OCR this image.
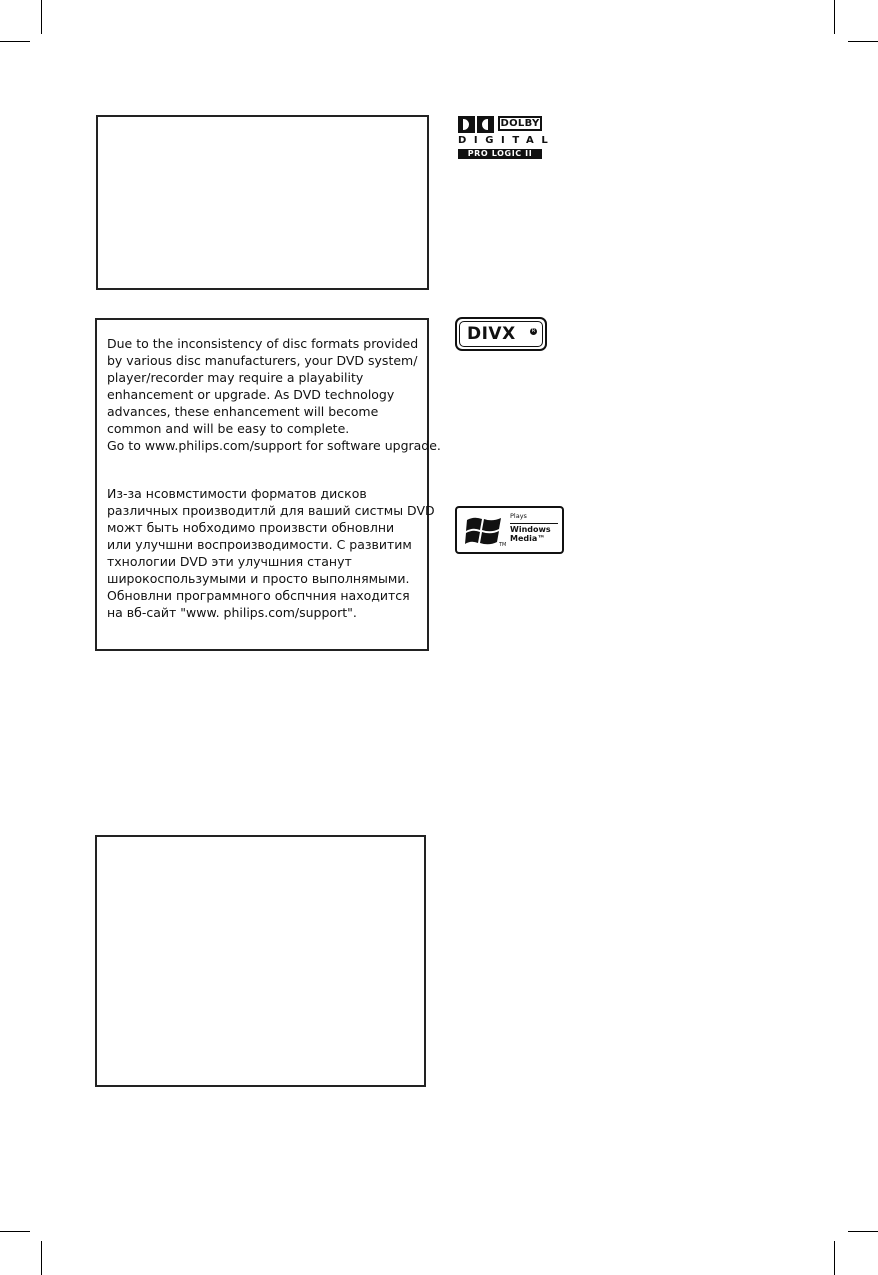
Due to the inconsistency of disc formats provided
by various disc manufacturers, your DVD system/
player/recorder may require a playability
enhancement or upgrade. As DVD technology
advances, these enhancement will become
common and will be easy to complete.
Go to www.philips.com/support for software upgrade.
Из-за нсовмстимости форматов дисков
различных производитлй для ваший систмы DVD
можт быть нобходимо произвсти обновлни
или улучшни воспроизводимости. С развитим
тхнологии DVD эти улучшния станут
широкоспользумыми и просто выполнямыми.
Обновлни программного обспчния находится
на вб-сайт "www. philips.com/support".
DOLBY
DIGITAL
PRO LOGIC II
DIVX	R
Plays
Windows
Media™
TM
